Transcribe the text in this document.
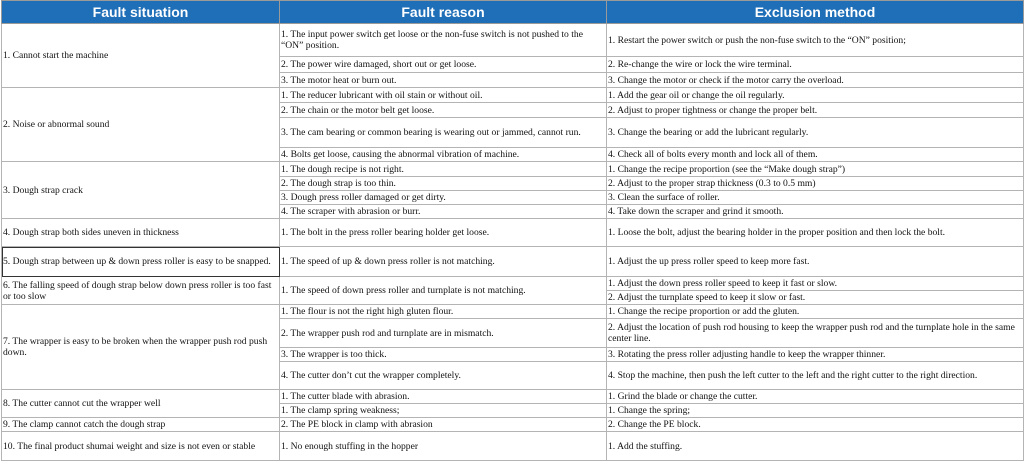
Fault situation	Fault reason	Exclusion method
1. Cannot start the machine	1. The input power switch get loose or the non-fuse switch is not pushed to the “ON” position.	1. Restart the power switch or push the non-fuse switch to the “ON” position;
	2. The power wire damaged, short out or get loose.	2. Re-change the wire or lock the wire terminal.
	3. The motor heat or burn out.	3. Change the motor or check if the motor carry the overload.
2. Noise or abnormal sound	1. The reducer lubricant with oil stain or without oil.	1. Add the gear oil or change the oil regularly.
	2. The chain or the motor belt get loose.	2. Adjust to proper tightness or change the proper belt.
	3. The cam bearing or common bearing is wearing out or jammed, cannot run.	3. Change the bearing or add the lubricant regularly.
	4. Bolts get loose, causing the abnormal vibration of machine.	4. Check all of bolts every month and lock all of them.
3. Dough strap crack	1. The dough recipe is not right.	1. Change the recipe proportion (see the “Make dough strap”)
	2. The dough strap is too thin.	2. Adjust to the proper strap thickness (0.3 to 0.5 mm)
	3. Dough press roller damaged or get dirty.	3. Clean the surface of roller.
	4. The scraper with abrasion or burr.	4. Take down the scraper and grind it smooth.
4. Dough strap both sides uneven in thickness	1. The bolt in the press roller bearing holder get loose.	1. Loose the bolt, adjust the bearing holder in the proper position and then lock the bolt.
5. Dough strap between up & down press roller is easy to be snapped.	1. The speed of up & down press roller is not matching.	1. Adjust the up press roller speed to keep more fast.
6. The falling speed of dough strap below down press roller is too fast or too slow	1. The speed of down press roller and turnplate is not matching.	1. Adjust the down press roller speed to keep it fast or slow.
		2. Adjust the turnplate speed to keep it slow or fast.
7. The wrapper is easy to be broken when the wrapper push rod push down.	1. The flour is not the right high gluten flour.	1. Change the recipe proportion or add the gluten.
	2. The wrapper push rod and turnplate are in mismatch.	2. Adjust the location of push rod housing to keep the wrapper push rod and the turnplate hole in the same center line.
	3. The wrapper is too thick.	3. Rotating the press roller adjusting handle to keep the wrapper thinner.
	4. The cutter don’t cut the wrapper completely.	4. Stop the machine, then push the left cutter to the left and the right cutter to the right direction.
8. The cutter cannot cut the wrapper well	1. The cutter blade with abrasion.	1. Grind the blade or change the cutter.
	1. The clamp spring weakness;	1. Change the spring;
9. The clamp cannot catch the dough strap	2. The PE block in clamp with abrasion	2. Change the PE block.
10. The final product shumai weight and size is not even or stable	1. No enough stuffing in the hopper	1. Add the stuffing.
